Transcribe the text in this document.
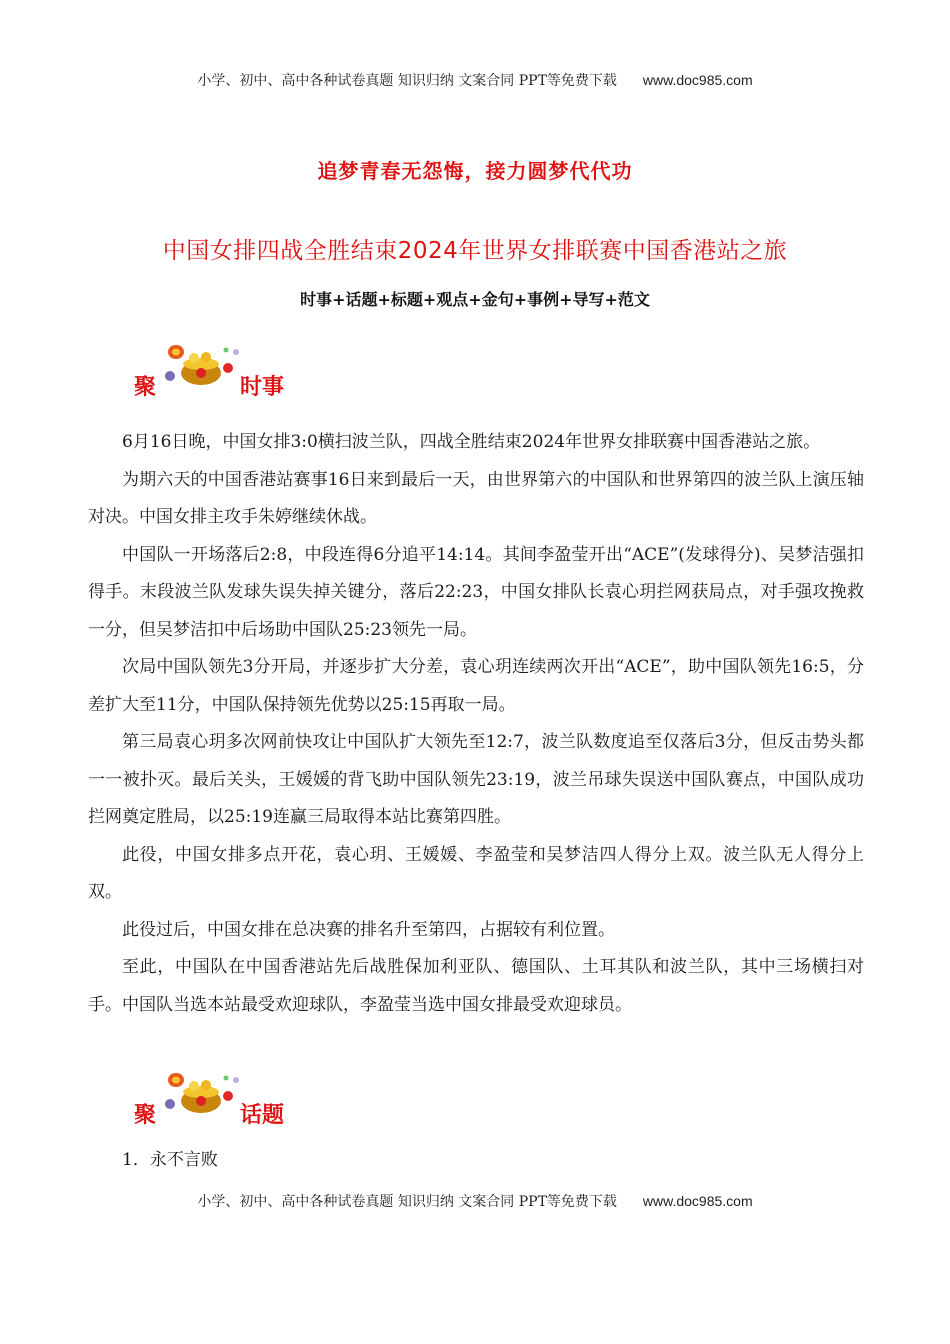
小学、初中、高中各种试卷真题 知识归纳 文案合同 PPT等免费下载 www.doc985.com
追梦青春无怨悔，接力圆梦代代功
中国女排四战全胜结束2024年世界女排联赛中国香港站之旅
时事+话题+标题+观点+金句+事例+导写+范文
聚	时事

6月16日晚，中国女排3:0横扫波兰队，四战全胜结束2024年世界女排联赛中国香港站之旅。

为期六天的中国香港站赛事16日来到最后一天，由世界第六的中国队和世界第四的波兰队上演压轴对决。中国女排主攻手朱婷继续休战。

中国队一开场落后2:8，中段连得6分追平14:14。其间李盈莹开出“ACE”(发球得分)、吴梦洁强扣得手。末段波兰队发球失误失掉关键分，落后22:23，中国女排队长袁心玥拦网获局点，对手强攻挽救一分，但吴梦洁扣中后场助中国队25:23领先一局。

次局中国队领先3分开局，并逐步扩大分差，袁心玥连续两次开出“ACE”，助中国队领先16:5，分差扩大至11分，中国队保持领先优势以25:15再取一局。

第三局袁心玥多次网前快攻让中国队扩大领先至12:7，波兰队数度追至仅落后3分，但反击势头都一一被扑灭。最后关头，王媛媛的背飞助中国队领先23:19，波兰吊球失误送中国队赛点，中国队成功拦网奠定胜局，以25:19连赢三局取得本站比赛第四胜。

此役，中国女排多点开花，袁心玥、王媛媛、李盈莹和吴梦洁四人得分上双。波兰队无人得分上双。

此役过后，中国女排在总决赛的排名升至第四，占据较有利位置。

至此，中国队在中国香港站先后战胜保加利亚队、德国队、土耳其队和波兰队，其中三场横扫对手。中国队当选本站最受欢迎球队，李盈莹当选中国女排最受欢迎球员。

聚	话题
1．永不言败
小学、初中、高中各种试卷真题 知识归纳 文案合同 PPT等免费下载 www.doc985.com
